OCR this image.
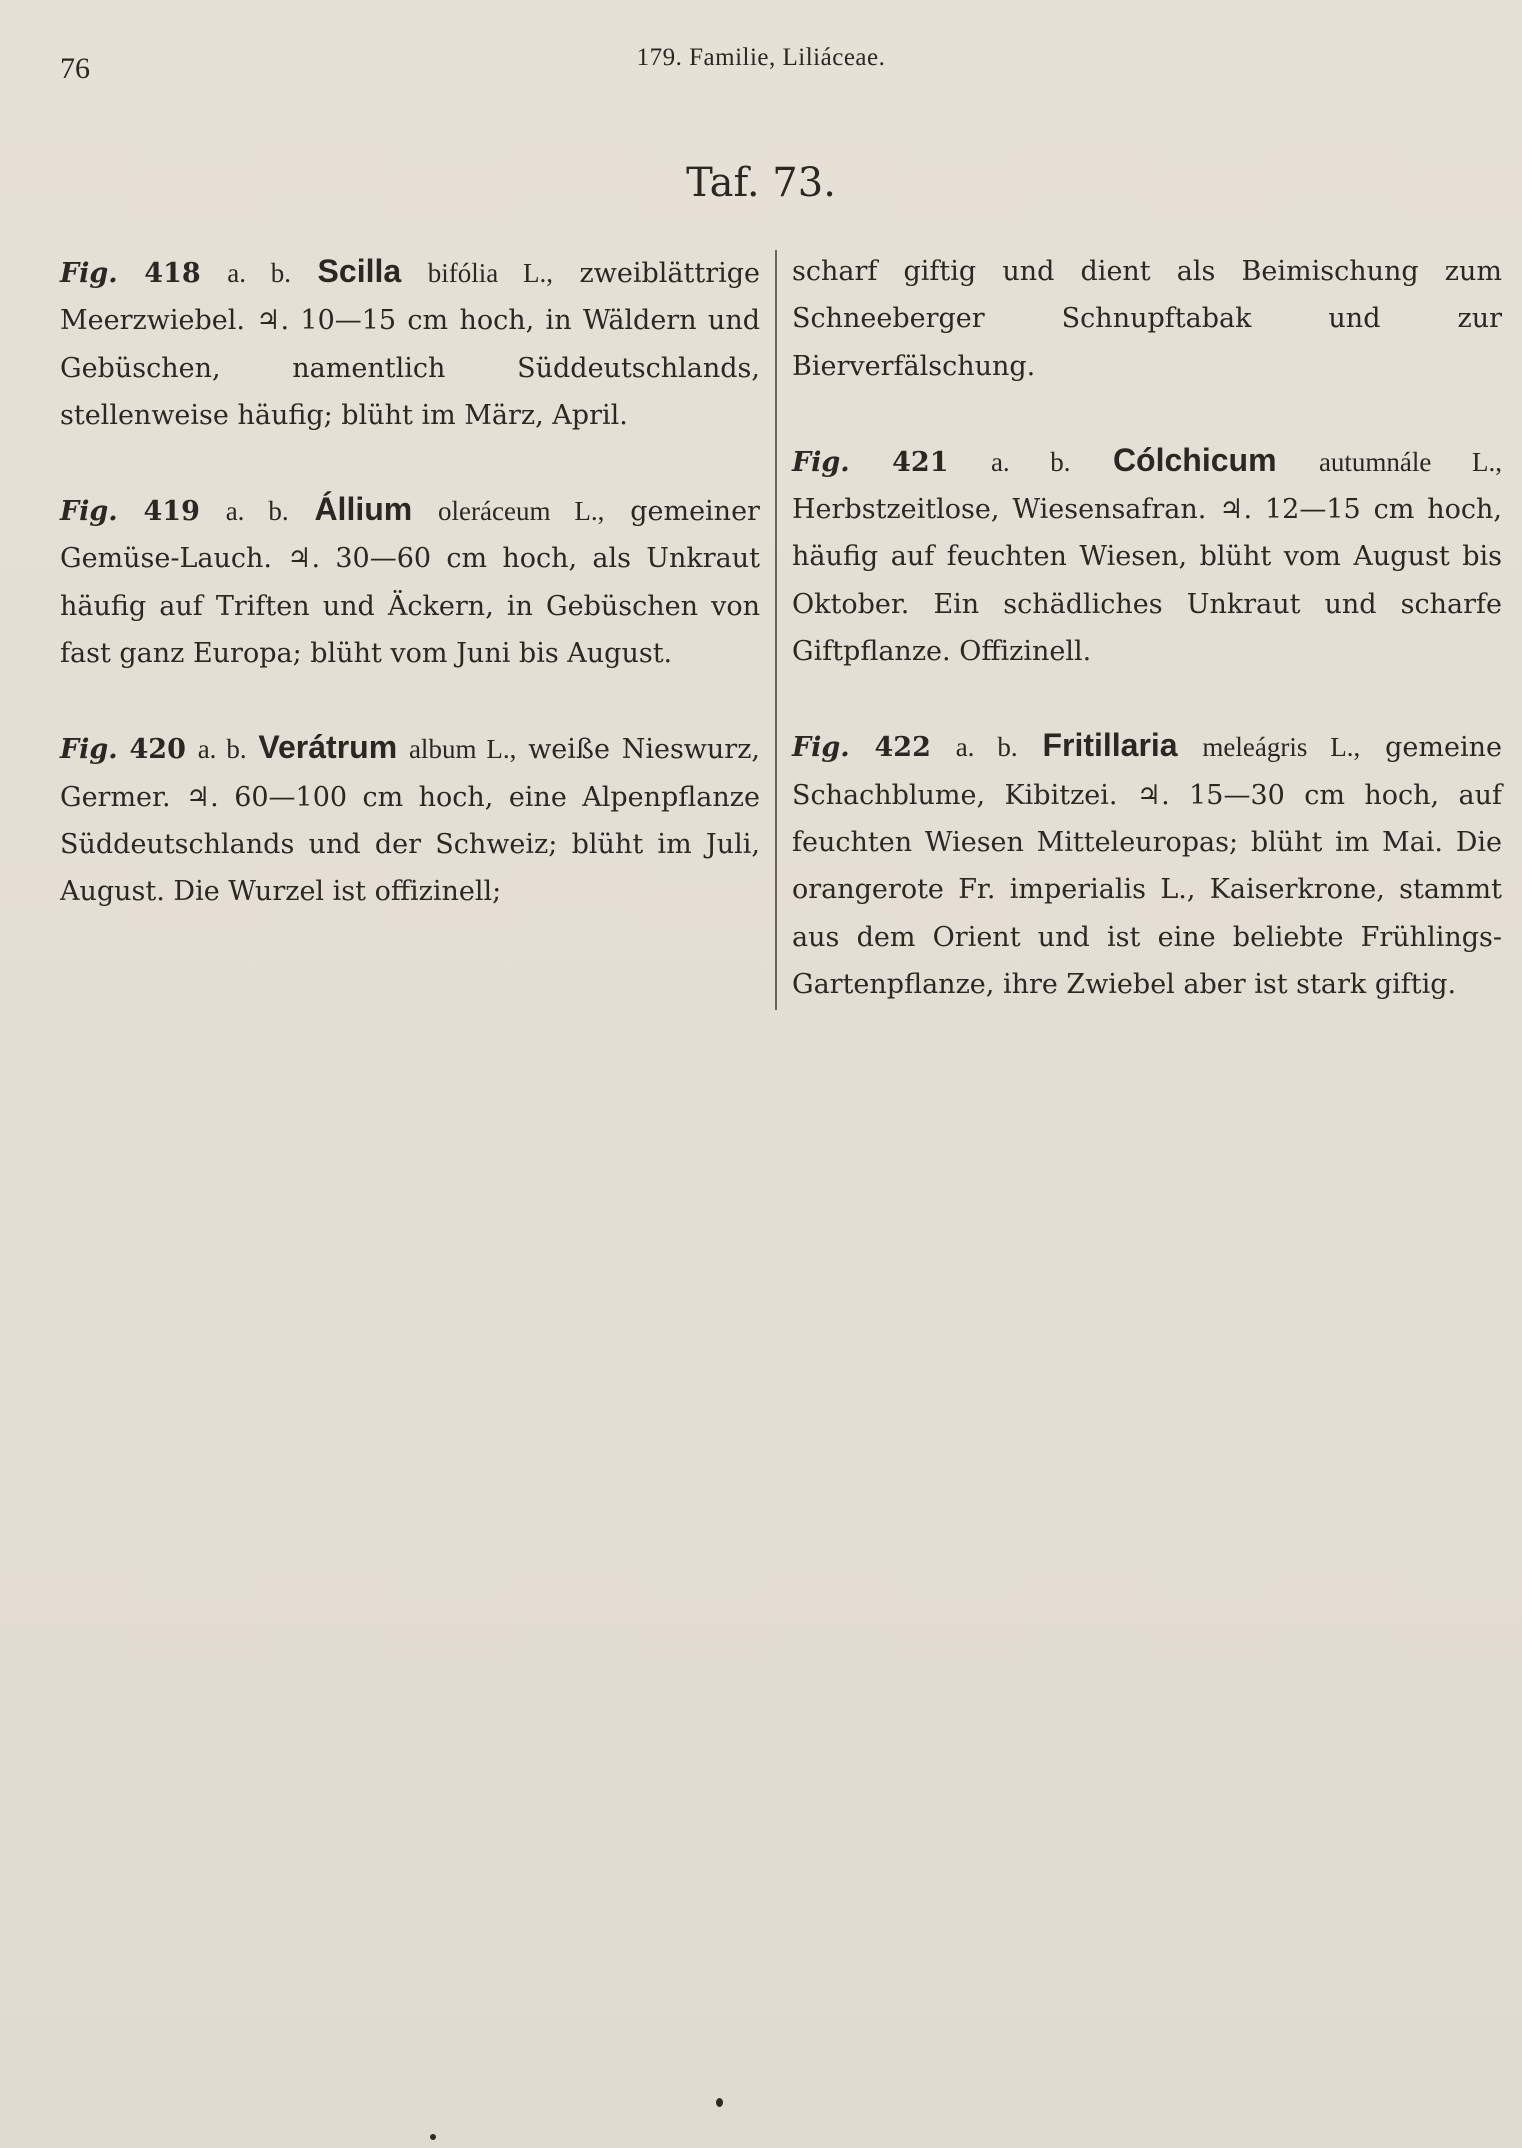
76	179. Familie, Liliáceae.
Taf. 73.

Fig. 418 a. b. Scilla bifólia L., zweiblättrige Meerzwiebel. ♃. 10—15 cm hoch, in Wäldern und Gebüschen, namentlich Süddeutschlands, stellenweise häufig; blüht im März, April.

Fig. 419 a. b. Állium oleráceum L., gemeiner Gemüse-Lauch. ♃. 30—60 cm hoch, als Unkraut häufig auf Triften und Äckern, in Gebüschen von fast ganz Europa; blüht vom Juni bis August.

Fig. 420 a. b. Verátrum album L., weiße Nieswurz, Germer. ♃. 60—100 cm hoch, eine Alpenpflanze Süddeutschlands und der Schweiz; blüht im Juli, August. Die Wurzel ist offizinell;

scharf giftig und dient als Beimischung zum Schneeberger Schnupftabak und zur Bierverfälschung.

Fig. 421 a. b. Cólchicum autumnále L., Herbstzeitlose, Wiesensafran. ♃. 12—15 cm hoch, häufig auf feuchten Wiesen, blüht vom August bis Oktober. Ein schädliches Unkraut und scharfe Giftpflanze. Offizinell.

Fig. 422 a. b. Fritillaria meleágris L., gemeine Schachblume, Kibitzei. ♃. 15—30 cm hoch, auf feuchten Wiesen Mitteleuropas; blüht im Mai. Die orangerote Fr. imperialis L., Kaiserkrone, stammt aus dem Orient und ist eine beliebte Frühlings-Gartenpflanze, ihre Zwiebel aber ist stark giftig.
